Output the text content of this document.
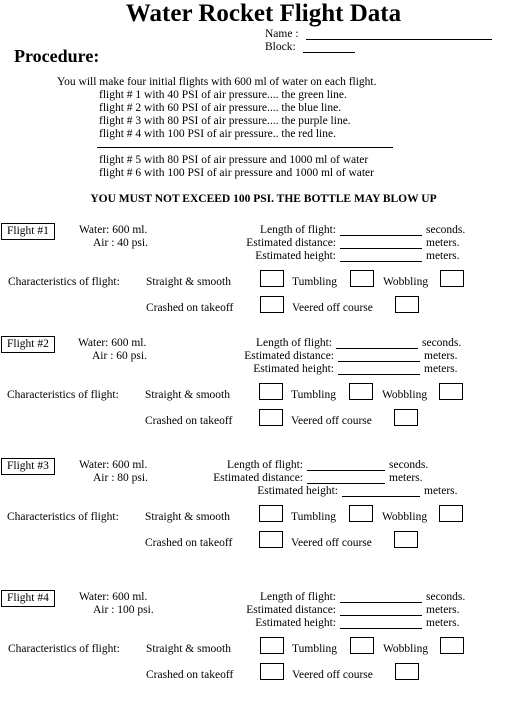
Water Rocket Flight Data
Name :
Block:
Procedure:
You will make four initial flights with 600 ml of water on each flight.
flight # 1 with 40 PSI of air pressure.... the green line.
flight # 2 with 60 PSI of air pressure.... the blue line.
flight # 3 with 80 PSI of air pressure.... the purple line.
flight # 4 with 100 PSI of air pressure.. the red line.
flight # 5 with 80 PSI of air pressure and 1000 ml of water
flight # 6 with 100 PSI of air pressure and 1000 ml of water
YOU MUST NOT EXCEED 100 PSI. THE BOTTLE MAY BLOW UP
Flight #1	Water: 600 ml.
Air : 40 psi.
Length of flight:	seconds.
Estimated distance:	meters.
Estimated height:	meters.
Characteristics of flight: Straight & smooth	Tumbling	Wobbling
Crashed on takeoff	Veered off course
Flight #2	Water: 600 ml.
Air : 60 psi.
Length of flight:	seconds.
Estimated distance:	meters.
Estimated height:	meters.
Characteristics of flight: Straight & smooth	Tumbling	Wobbling
Crashed on takeoff	Veered off course
Flight #3	Water: 600 ml.
Air : 80 psi.
Length of flight:	seconds.
Estimated distance:	meters.
Estimated height:	meters.
Characteristics of flight: Straight & smooth	Tumbling	Wobbling
Crashed on takeoff	Veered off course
Flight #4	Water: 600 ml.
Air : 100 psi.
Length of flight:	seconds.
Estimated distance:	meters.
Estimated height:	meters.
Characteristics of flight: Straight & smooth	Tumbling	Wobbling
Crashed on takeoff	Veered off course
